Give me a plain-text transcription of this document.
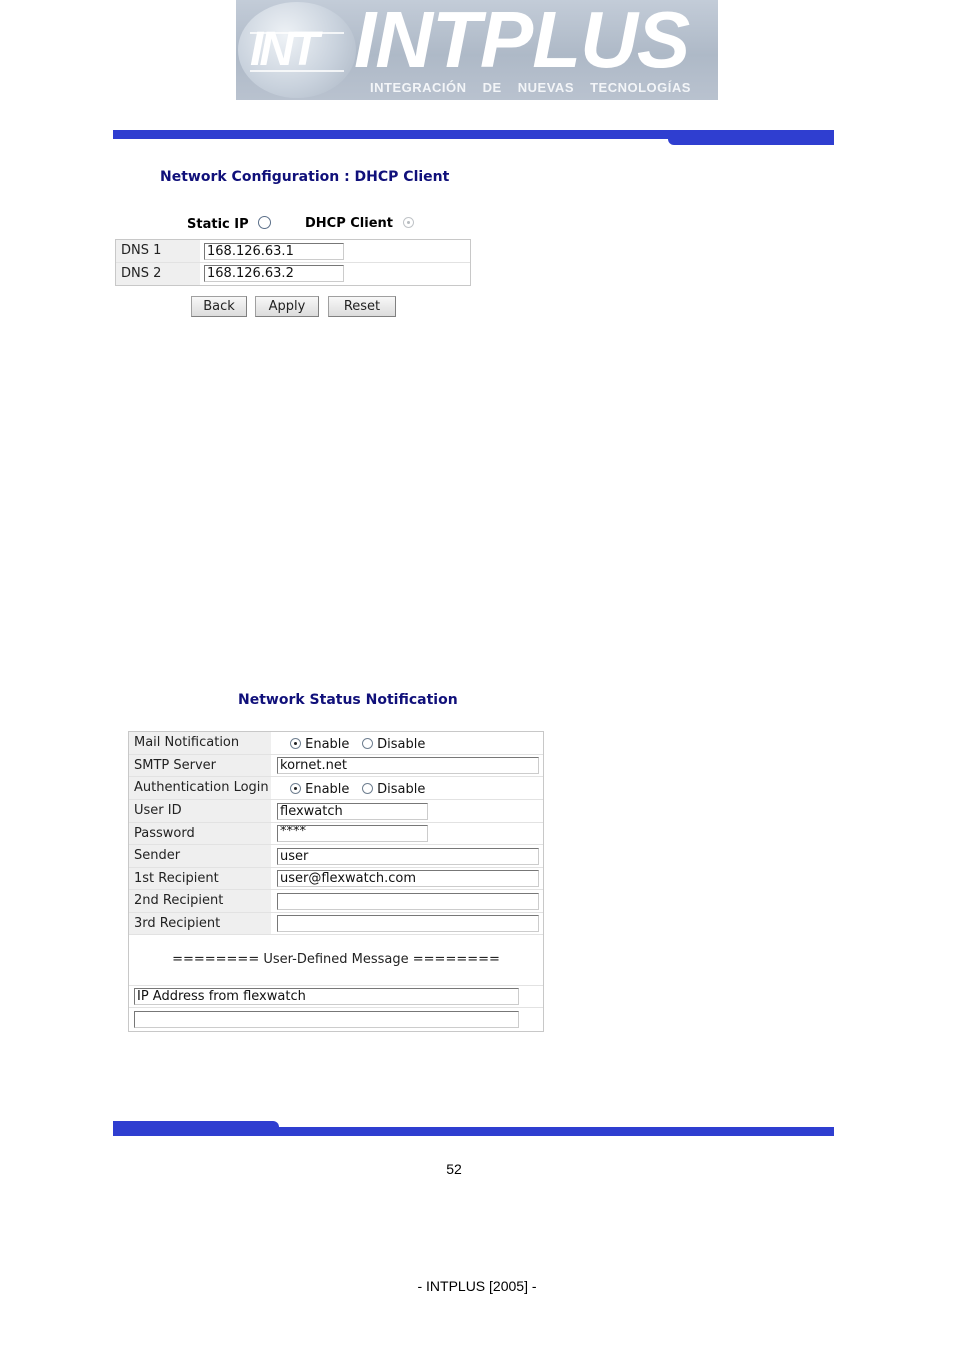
INT INTPLUS
INTEGRACIÓN DE NUEVAS TECNOLOGÍAS
Network Configuration : DHCP Client
Static IP	DHCP Client
DNS 1	168.126.63.1
DNS 2	168.126.63.2
Back	Apply	Reset
Network Status Notification
Mail Notification	Enable	Disable
SMTP Server	kornet.net
Authentication Login	Enable	Disable
User ID	flexwatch
Password	****
Sender	user
1st Recipient	user@flexwatch.com
2nd Recipient
3rd Recipient
======== User-Defined Message ========
IP Address from flexwatch
52
- INTPLUS [2005] -
